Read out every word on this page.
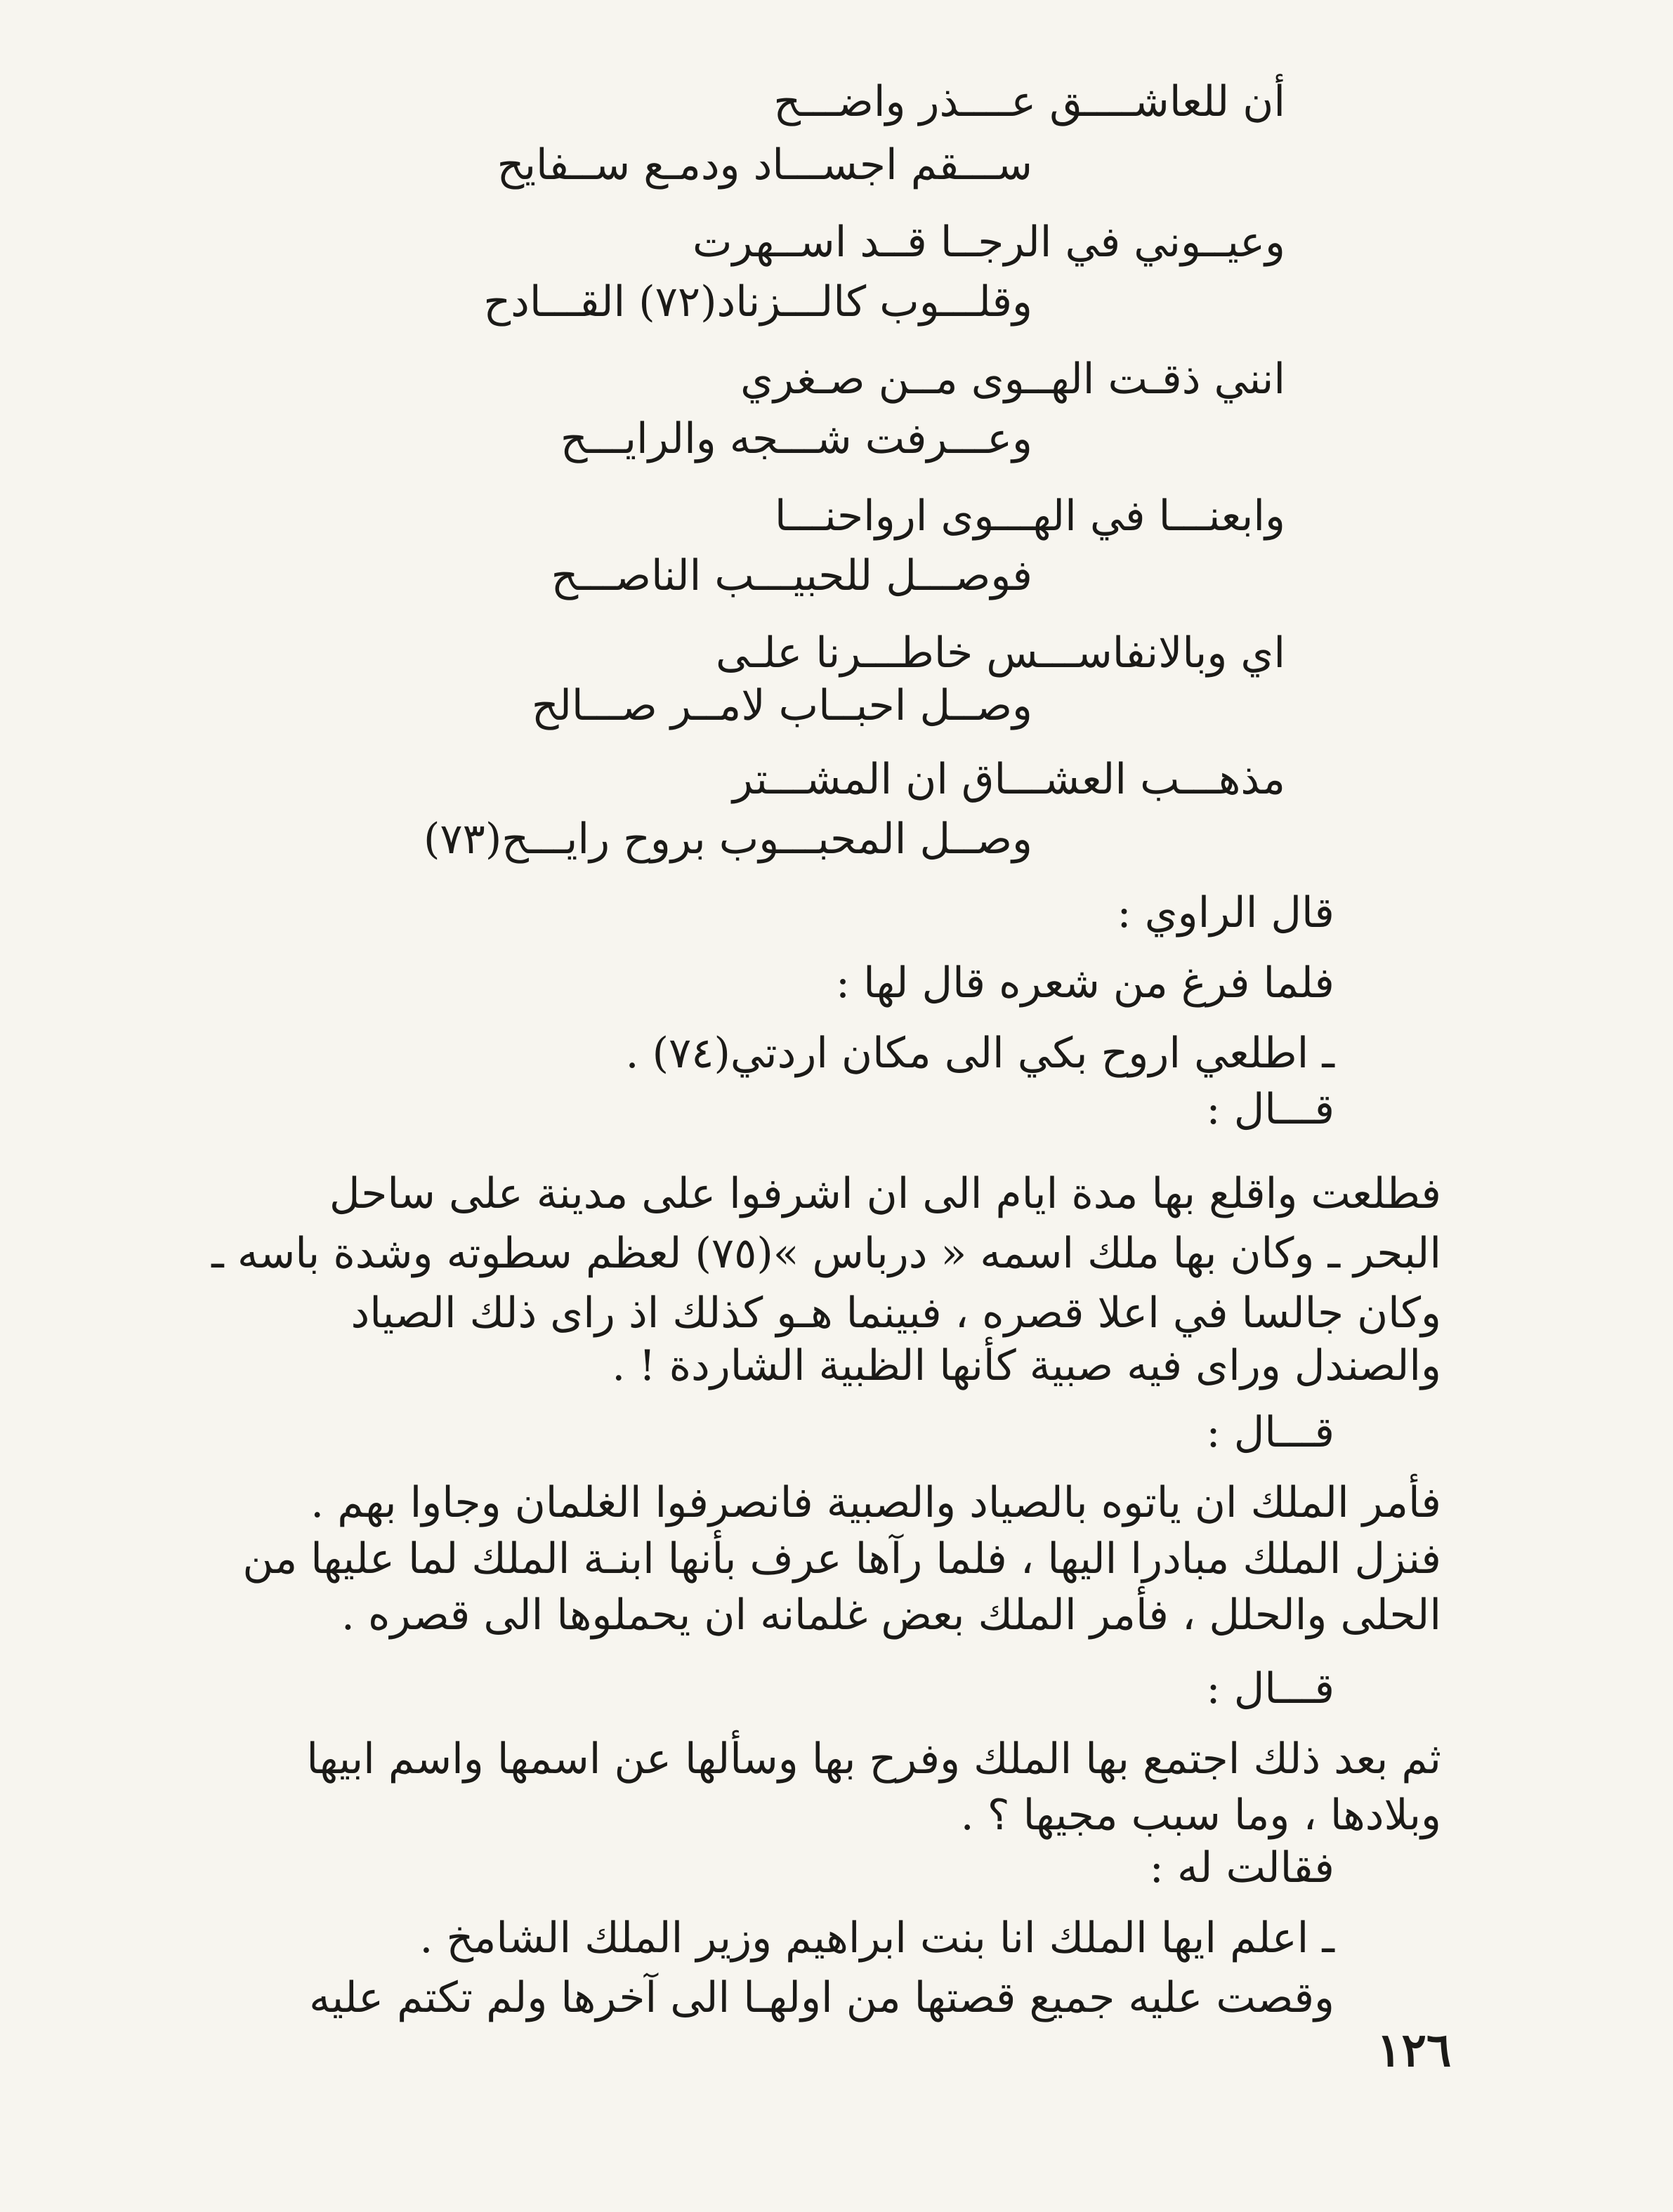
أن للعاشــــق عــــذر واضـــح

ســـقم اجســـاد ودمـع ســفايح

وعيــوني في الرجــا قــد اســهرت

وقلـــوب كالـــزناد(٧٢) القـــادح

انني ذقـت الهــوى مــن صـغري

وعـــرفت شـــجه والرايـــح

وابعنـــا في الهـــوى ارواحنـــا

فوصـــل للحبيـــب الناصـــح

اي وبالانفاســـس خاطـــرنا علـى

وصــل احبــاب لامــر صـــالح

مذهـــب العشـــاق ان المشـــتر

وصــل المحبـــوب بروح رايـــح(٧٣)

قال الراوي :

فلما فرغ من شعره قال لها :

ـ اطلعي اروح بكي الى مكان اردتي(٧٤) .

قـــال :

فطلعت واقلع بها مدة ايام الى ان اشرفوا على مدينة على ساحل

البحر ـ وكان بها ملك اسمه « درباس »(٧٥) لعظم سطوته وشدة باسه ـ

وكان جالسا في اعلا قصره ، فبينما هـو كذلك اذ راى ذلك الصياد

والصندل وراى فيه صبية كأنها الظبية الشاردة ! .

قـــال :

فأمر الملك ان ياتوه بالصياد والصبية فانصرفوا الغلمان وجاوا بهم .

فنزل الملك مبادرا اليها ، فلما رآها عرف بأنها ابنـة الملك لما عليها من

الحلى والحلل ، فأمر الملك بعض غلمانه ان يحملوها الى قصره .

قـــال :

ثم بعد ذلك اجتمع بها الملك وفرح بها وسألها عن اسمها واسم ابيها

وبلادها ، وما سبب مجيها ؟ .

فقالت له :

ـ اعلم ايها الملك انا بنت ابراهيم وزير الملك الشامخ .

وقصت عليه جميع قصتها من اولهـا الى آخرها ولم تكتم عليه

١٢٦
